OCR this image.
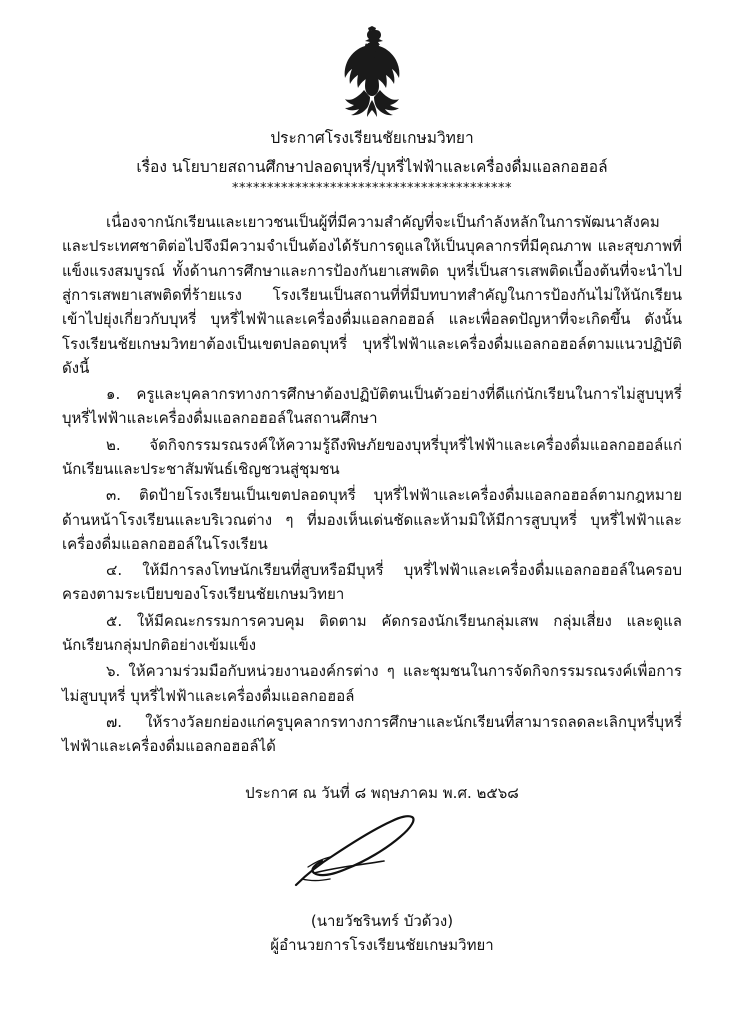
ประกาศโรงเรียนชัยเกษมวิทยา
เรื่อง นโยบายสถานศึกษาปลอดบุหรี่/บุหรี่ไฟฟ้าและเครื่องดื่มแอลกอฮอล์
****************************************

เนื่องจากนักเรียนและเยาวชนเป็นผู้ที่มีความสำคัญที่จะเป็นกำลังหลักในการพัฒนาสังคมและประเทศชาติต่อไปจึงมีความจำเป็นต้องได้รับการดูแลให้เป็นบุคลากรที่มีคุณภาพ และสุขภาพที่แข็งแรงสมบูรณ์ ทั้งด้านการศึกษาและการป้องกันยาเสพติด บุหรี่เป็นสารเสพติดเบื้องต้นที่จะนำไปสู่การเสพยาเสพติดที่ร้ายแรง โรงเรียนเป็นสถานที่ที่มีบทบาทสำคัญในการป้องกันไม่ให้นักเรียนเข้าไปยุ่งเกี่ยวกับบุหรี่ บุหรี่ไฟฟ้าและเครื่องดื่มแอลกอฮอล์ และเพื่อลดปัญหาที่จะเกิดขึ้น ดังนั้นโรงเรียนชัยเกษมวิทยาต้องเป็นเขตปลอดบุหรี่ บุหรี่ไฟฟ้าและเครื่องดื่มแอลกอฮอล์ตามแนวปฏิบัติดังนี้

๑. ครูและบุคลากรทางการศึกษาต้องปฏิบัติตนเป็นตัวอย่างที่ดีแก่นักเรียนในการไม่สูบบุหรี่บุหรี่ไฟฟ้าและเครื่องดื่มแอลกอฮอล์ในสถานศึกษา

๒. จัดกิจกรรมรณรงค์ให้ความรู้ถึงพิษภัยของบุหรี่บุหรี่ไฟฟ้าและเครื่องดื่มแอลกอฮอล์แก่นักเรียนและประชาสัมพันธ์เชิญชวนสู่ชุมชน

๓. ติดป้ายโรงเรียนเป็นเขตปลอดบุหรี่ บุหรี่ไฟฟ้าและเครื่องดื่มแอลกอฮอล์ตามกฎหมาย ด้านหน้าโรงเรียนและบริเวณต่าง ๆ ที่มองเห็นเด่นชัดและห้ามมิให้มีการสูบบุหรี่ บุหรี่ไฟฟ้าและเครื่องดื่มแอลกอฮอล์ในโรงเรียน

๔. ให้มีการลงโทษนักเรียนที่สูบหรือมีบุหรี่ บุหรี่ไฟฟ้าและเครื่องดื่มแอลกอฮอล์ในครอบครองตามระเบียบของโรงเรียนชัยเกษมวิทยา

๕. ให้มีคณะกรรมการควบคุม ติดตาม คัดกรองนักเรียนกลุ่มเสพ กลุ่มเสี่ยง และดูแลนักเรียนกลุ่มปกติอย่างเข้มแข็ง

๖. ให้ความร่วมมือกับหน่วยงานองค์กรต่าง ๆ และชุมชนในการจัดกิจกรรมรณรงค์เพื่อการไม่สูบบุหรี่ บุหรี่ไฟฟ้าและเครื่องดื่มแอลกอฮอล์

๗. ให้รางวัลยกย่องแก่ครูบุคลากรทางการศึกษาและนักเรียนที่สามารถลดละเลิกบุหรี่บุหรี่ไฟฟ้าและเครื่องดื่มแอลกอฮอล์ได้

ประกาศ ณ วันที่ ๘ พฤษภาคม พ.ศ. ๒๕๖๘
(นายวัชรินทร์ บัวด้วง)
ผู้อำนวยการโรงเรียนชัยเกษมวิทยา
